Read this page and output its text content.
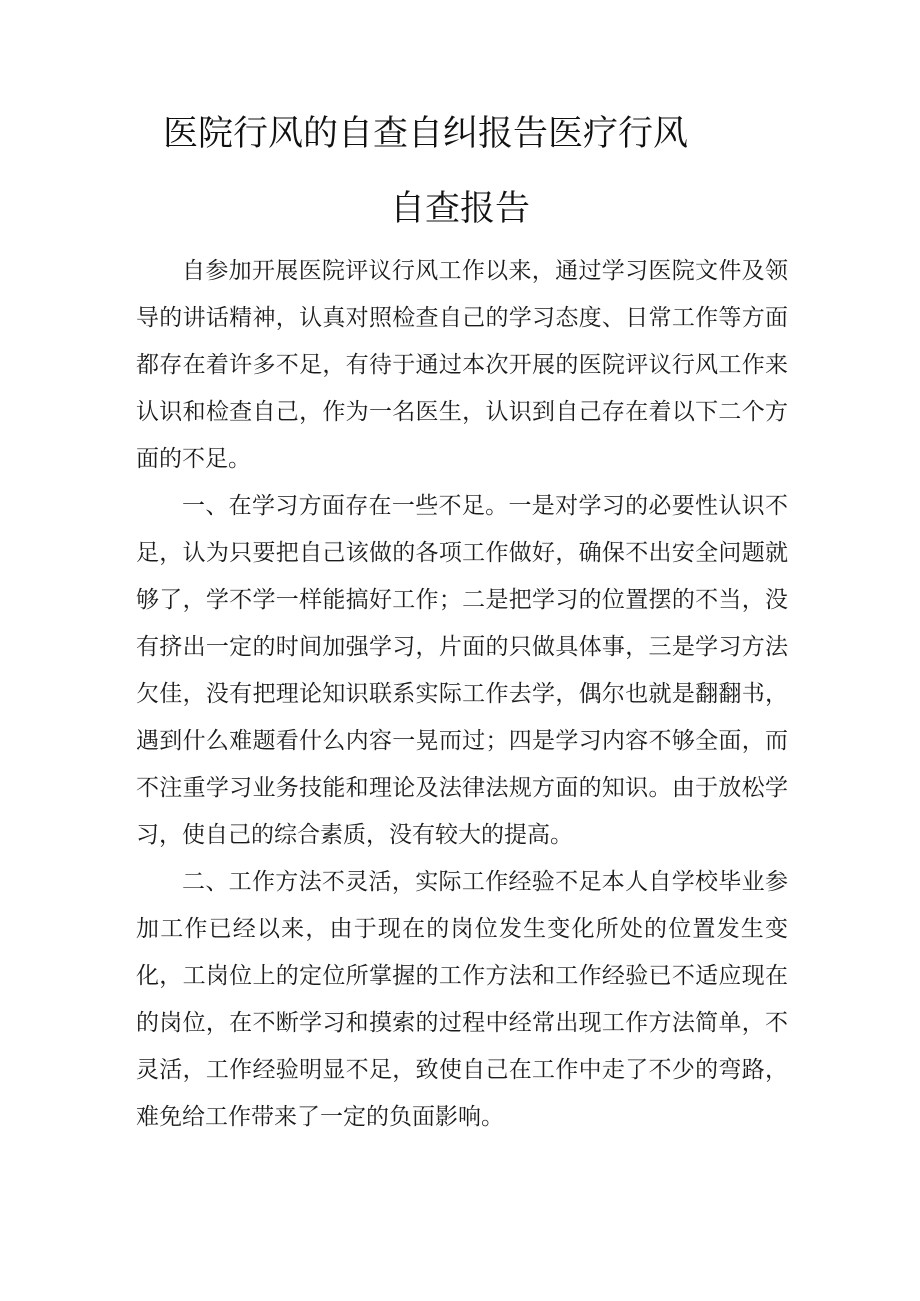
医院行风的自查自纠报告医疗行风
自查报告

自参加开展医院评议行风工作以来，通过学习医院文件及领导的讲话精神，认真对照检查自己的学习态度、日常工作等方面都存在着许多不足，有待于通过本次开展的医院评议行风工作来认识和检查自己，作为一名医生，认识到自己存在着以下二个方面的不足。

一、在学习方面存在一些不足。一是对学习的必要性认识不足，认为只要把自己该做的各项工作做好，确保不出安全问题就够了，学不学一样能搞好工作；二是把学习的位置摆的不当，没有挤出一定的时间加强学习，片面的只做具体事，三是学习方法欠佳，没有把理论知识联系实际工作去学，偶尔也就是翻翻书，遇到什么难题看什么内容一晃而过；四是学习内容不够全面，而不注重学习业务技能和理论及法律法规方面的知识。由于放松学习，使自己的综合素质，没有较大的提高。

二、工作方法不灵活，实际工作经验不足本人自学校毕业参加工作已经以来，由于现在的岗位发生变化所处的位置发生变化，工岗位上的定位所掌握的工作方法和工作经验已不适应现在的岗位，在不断学习和摸索的过程中经常出现工作方法简单，不灵活，工作经验明显不足，致使自己在工作中走了不少的弯路，难免给工作带来了一定的负面影响。
